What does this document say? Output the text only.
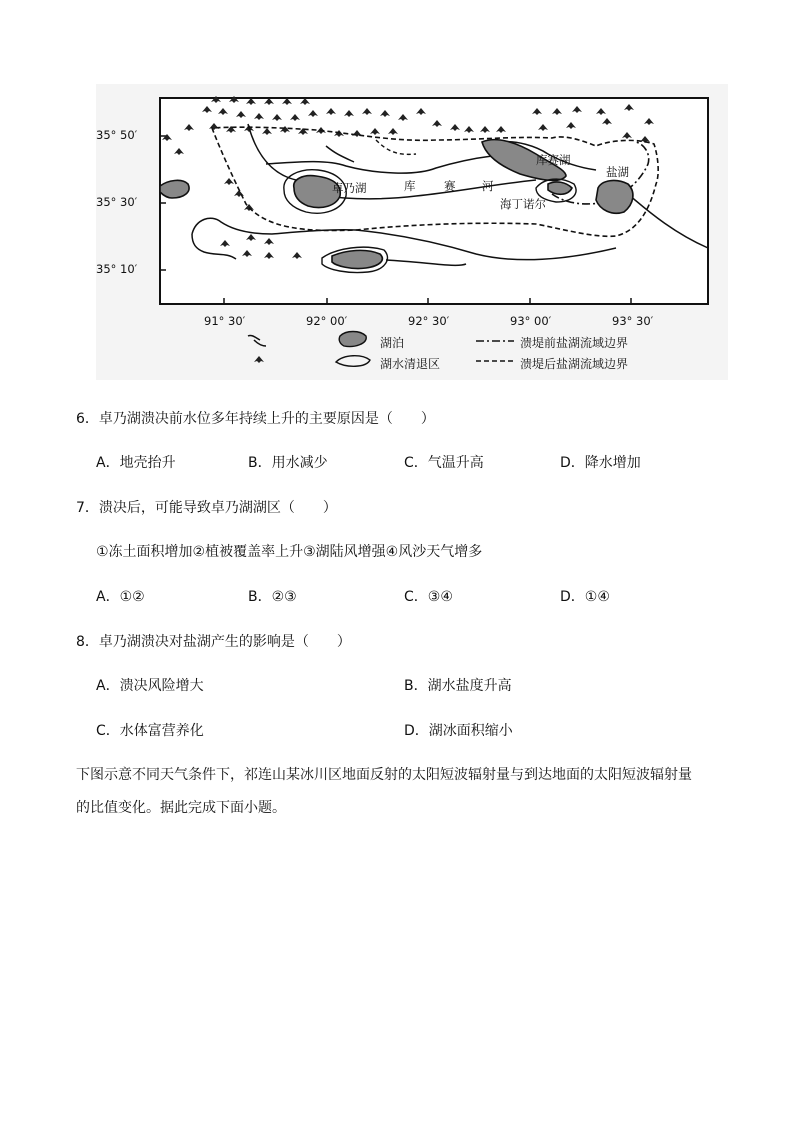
35° 50′
35° 30′
35° 10′
91° 30′	92° 00′	92° 30′	93° 00′	93° 30′
卓乃湖	库 赛 河
库赛湖
盐湖
海丁诺尔
湖泊
湖水清退区
溃堤前盐湖流域边界
溃堤后盐湖流域边界
6．卓乃湖溃决前水位多年持续上升的主要原因是（　　）
A．地壳抬升	B．用水减少	C．气温升高	D．降水增加
7．溃决后，可能导致卓乃湖湖区（　　）
①冻土面积增加②植被覆盖率上升③湖陆风增强④风沙天气增多
A．①②	B．②③	C．③④	D．①④
8．卓乃湖溃决对盐湖产生的影响是（　　）
A．溃决风险增大	B．湖水盐度升高
C．水体富营养化	D．湖冰面积缩小
下图示意不同天气条件下，祁连山某冰川区地面反射的太阳短波辐射量与到达地面的太阳短波辐射量
的比值变化。据此完成下面小题。
